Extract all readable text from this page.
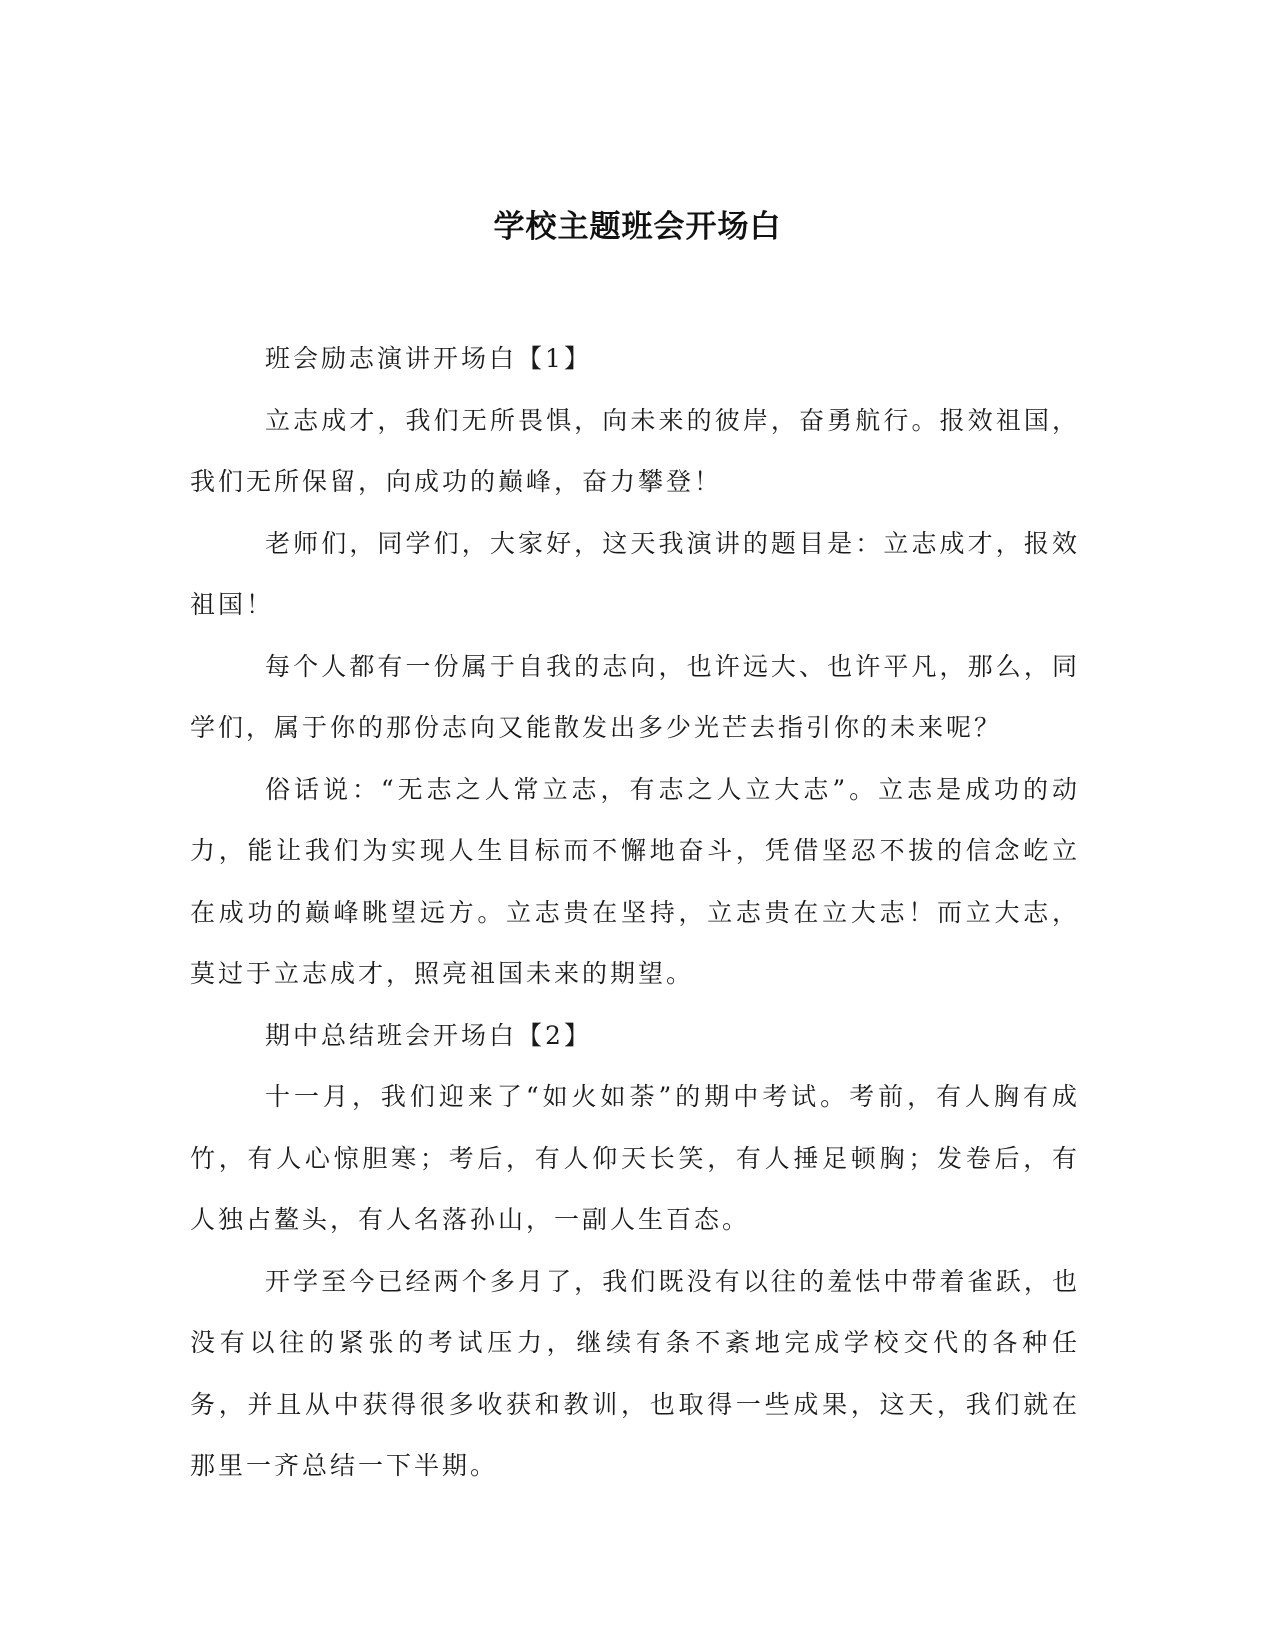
学校主题班会开场白

班会励志演讲开场白【1】

立志成才，我们无所畏惧，向未来的彼岸，奋勇航行。报效祖国，我们无所保留，向成功的巅峰，奋力攀登！

老师们，同学们，大家好，这天我演讲的题目是：立志成才，报效祖国！

每个人都有一份属于自我的志向，也许远大、也许平凡，那么，同学们，属于你的那份志向又能散发出多少光芒去指引你的未来呢？

俗话说：“无志之人常立志，有志之人立大志”。立志是成功的动力，能让我们为实现人生目标而不懈地奋斗，凭借坚忍不拔的信念屹立在成功的巅峰眺望远方。立志贵在坚持，立志贵在立大志！而立大志，莫过于立志成才，照亮祖国未来的期望。

期中总结班会开场白【2】

十一月，我们迎来了“如火如荼”的期中考试。考前，有人胸有成竹，有人心惊胆寒；考后，有人仰天长笑，有人捶足顿胸；发卷后，有人独占鳌头，有人名落孙山，一副人生百态。

开学至今已经两个多月了，我们既没有以往的羞怯中带着雀跃，也没有以往的紧张的考试压力，继续有条不紊地完成学校交代的各种任务，并且从中获得很多收获和教训，也取得一些成果，这天，我们就在那里一齐总结一下半期。
